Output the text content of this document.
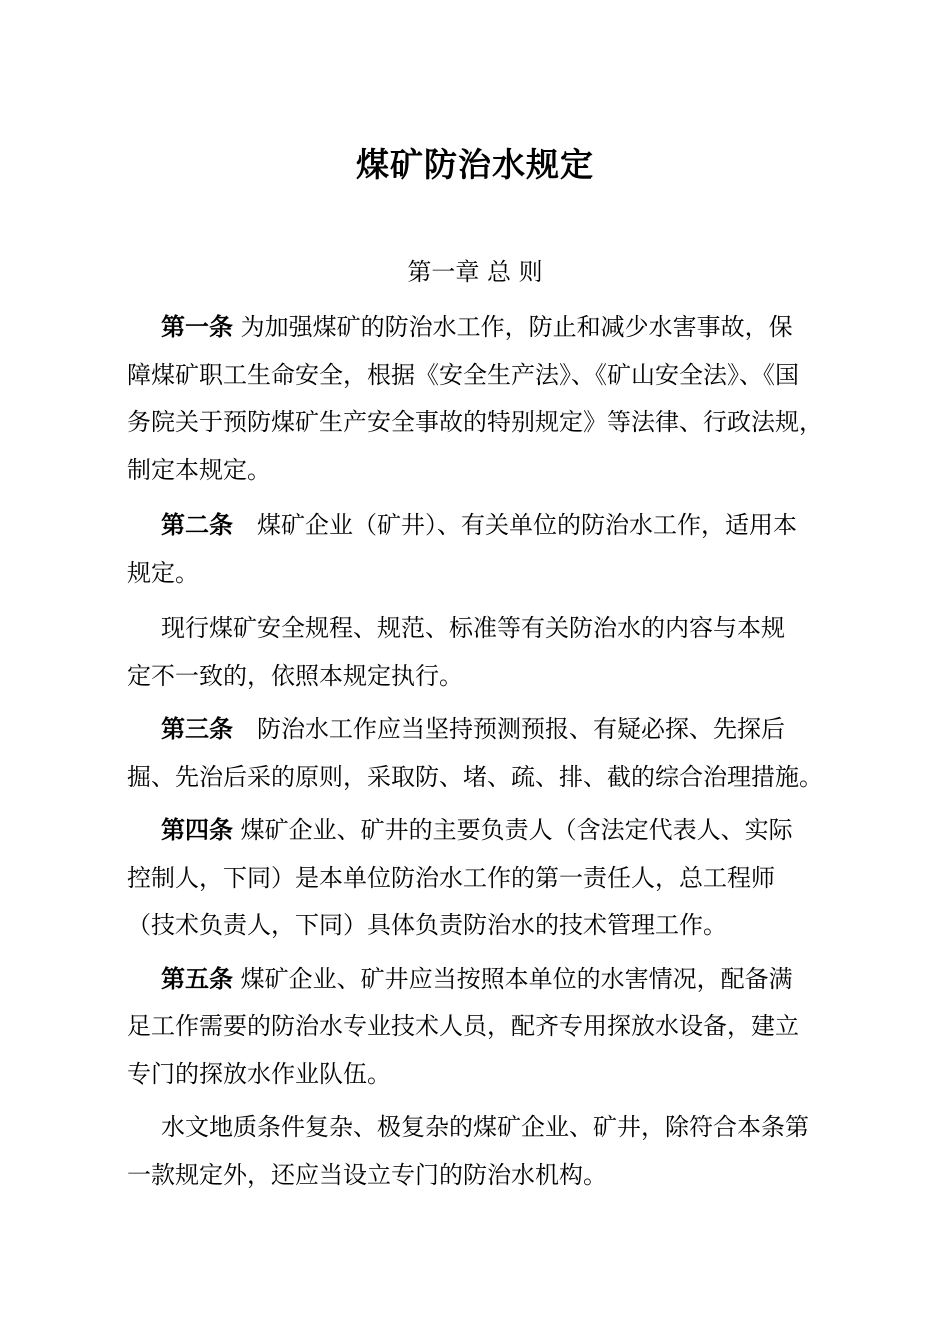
煤矿防治水规定
第一章 总 则
第一条 为加强煤矿的防治水工作，防止和减少水害事故，保
障煤矿职工生命安全，根据《安全生产法》、《矿山安全法》、《国
务院关于预防煤矿生产安全事故的特别规定》等法律、行政法规，
制定本规定。
第二条　煤矿企业（矿井）、有关单位的防治水工作，适用本
规定。
现行煤矿安全规程、规范、标准等有关防治水的内容与本规
定不一致的，依照本规定执行。
第三条　防治水工作应当坚持预测预报、有疑必探、先探后
掘、先治后采的原则，采取防、堵、疏、排、截的综合治理措施。
第四条 煤矿企业、矿井的主要负责人（含法定代表人、实际
控制人，下同）是本单位防治水工作的第一责任人，总工程师
（技术负责人，下同）具体负责防治水的技术管理工作。
第五条 煤矿企业、矿井应当按照本单位的水害情况，配备满
足工作需要的防治水专业技术人员，配齐专用探放水设备，建立
专门的探放水作业队伍。
水文地质条件复杂、极复杂的煤矿企业、矿井，除符合本条第
一款规定外，还应当设立专门的防治水机构。
